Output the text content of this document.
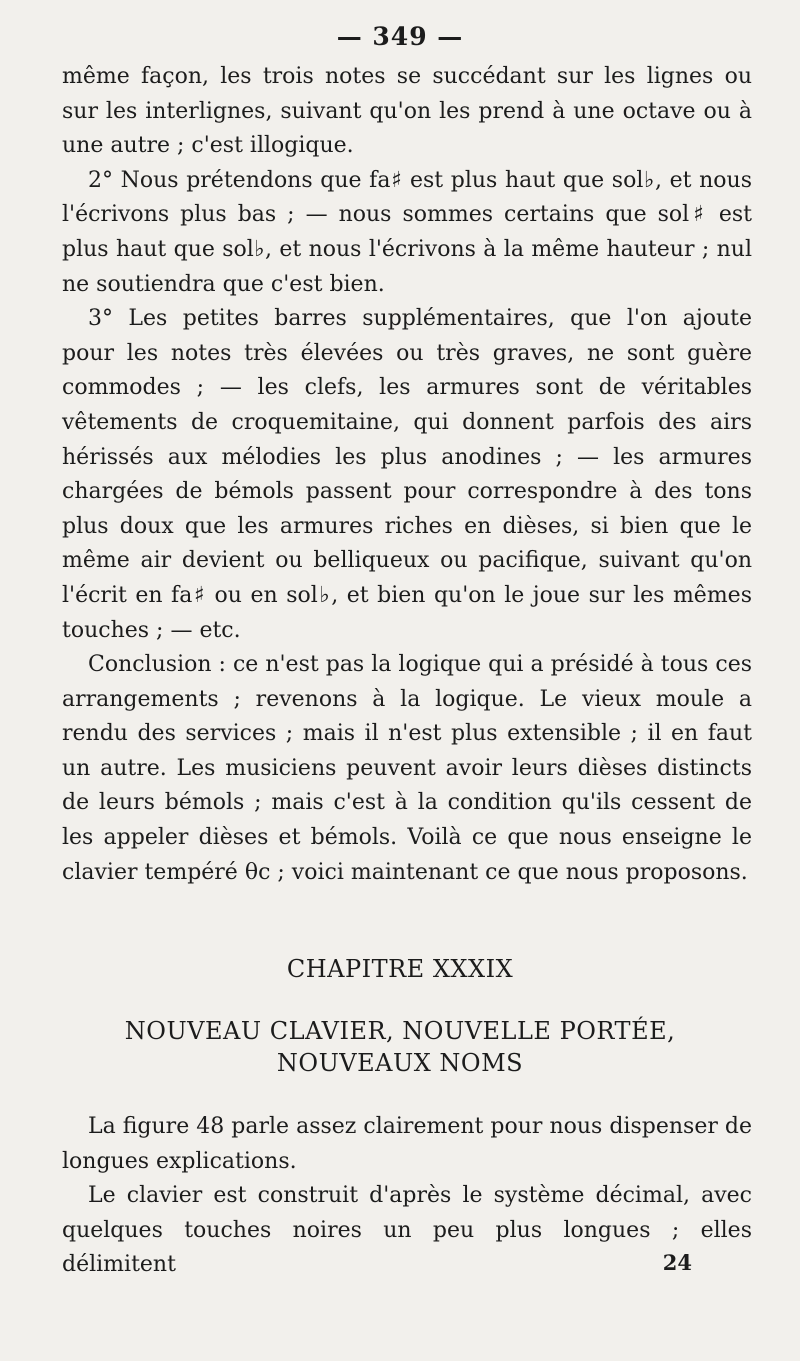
— 349 —

même façon, les trois notes se succédant sur les lignes ou sur les interlignes, suivant qu'on les prend à une octave ou à une autre ; c'est illogique.

2° Nous prétendons que fa♯ est plus haut que sol♭, et nous l'écrivons plus bas ; — nous sommes certains que sol♯ est plus haut que sol♭, et nous l'écrivons à la même hauteur ; nul ne soutiendra que c'est bien.

3° Les petites barres supplémentaires, que l'on ajoute pour les notes très élevées ou très graves, ne sont guère commodes ; — les clefs, les armures sont de véritables vêtements de croquemitaine, qui donnent parfois des airs hérissés aux mélodies les plus anodines ; — les armures chargées de bémols passent pour correspondre à des tons plus doux que les armures riches en dièses, si bien que le même air devient ou belliqueux ou pacifique, suivant qu'on l'écrit en fa♯ ou en sol♭, et bien qu'on le joue sur les mêmes touches ; — etc.

Conclusion : ce n'est pas la logique qui a présidé à tous ces arrangements ; revenons à la logique. Le vieux moule a rendu des services ; mais il n'est plus extensible ; il en faut un autre. Les musiciens peuvent avoir leurs dièses distincts de leurs bémols ; mais c'est à la condition qu'ils cessent de les appeler dièses et bémols. Voilà ce que nous enseigne le clavier tempéré θc ; voici maintenant ce que nous proposons.

CHAPITRE XXXIX
NOUVEAU CLAVIER, NOUVELLE PORTÉE,
NOUVEAUX NOMS

La figure 48 parle assez clairement pour nous dispenser de longues explications.

Le clavier est construit d'après le système décimal, avec quelques touches noires un peu plus longues ; elles délimitent	24
